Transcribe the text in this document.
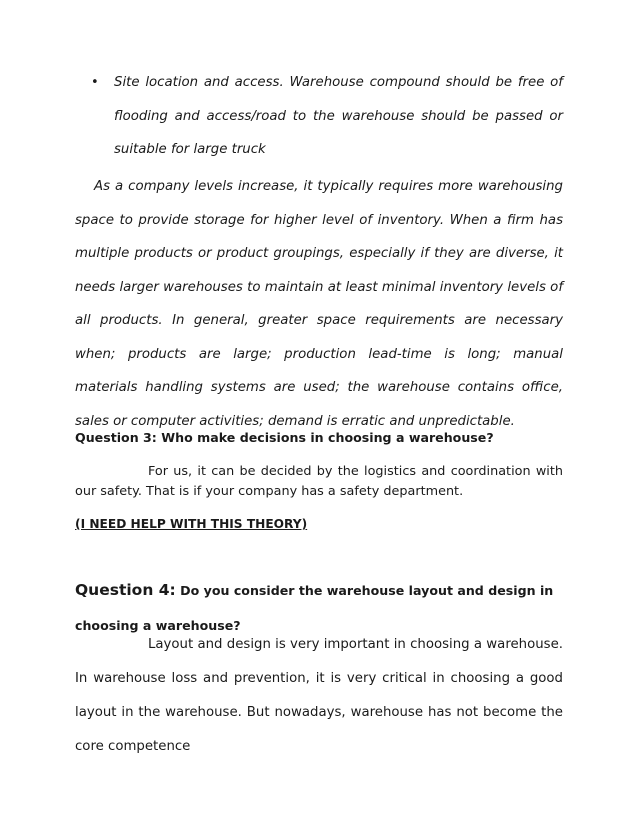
• Site location and access. Warehouse compound should be free of flooding and access/road to the warehouse should be passed or suitable for large truck
As a company levels increase, it typically requires more warehousing space to provide storage for higher level of inventory. When a firm has multiple products or product groupings, especially if they are diverse, it needs larger warehouses to maintain at least minimal inventory levels of all products. In general, greater space requirements are necessary when; products are large; production lead-time is long; manual materials handling systems are used; the warehouse contains office, sales or computer activities; demand is erratic and unpredictable.
Question 3: Who make decisions in choosing a warehouse?
For us, it can be decided by the logistics and coordination with our safety. That is if your company has a safety department.
(I NEED HELP WITH THIS THEORY)
Question 4: Do you consider the warehouse layout and design in choosing a warehouse?
Layout and design is very important in choosing a warehouse. In warehouse loss and prevention, it is very critical in choosing a good layout in the warehouse. But nowadays, warehouse has not become the core competence
